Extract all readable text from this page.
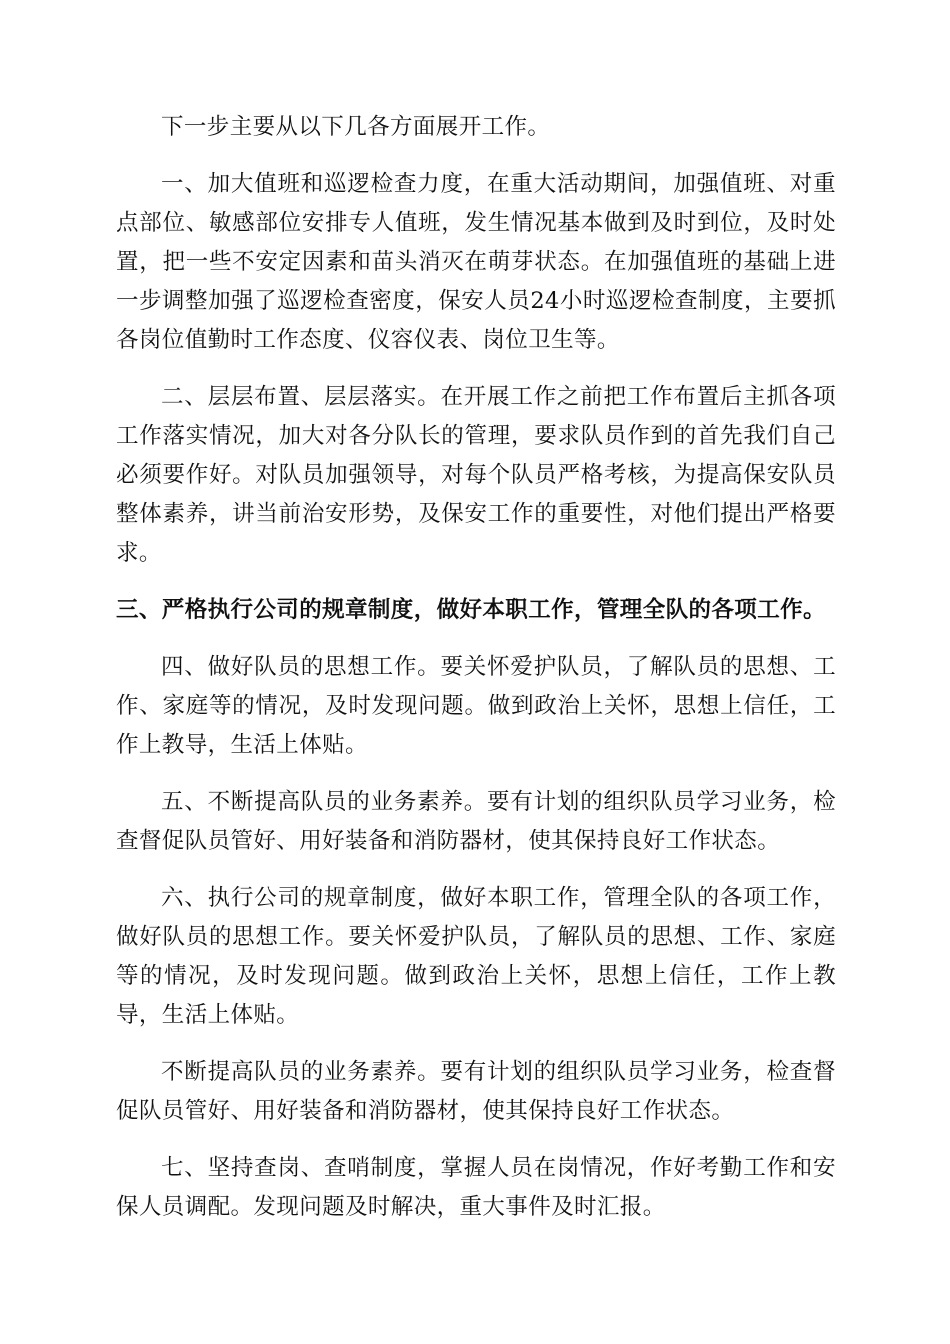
下一步主要从以下几各方面展开工作。

一、加大值班和巡逻检查力度，在重大活动期间，加强值班、对重点部位、敏感部位安排专人值班，发生情况基本做到及时到位，及时处置，把一些不安定因素和苗头消灭在萌芽状态。在加强值班的基础上进一步调整加强了巡逻检查密度，保安人员24小时巡逻检查制度，主要抓各岗位值勤时工作态度、仪容仪表、岗位卫生等。

二、层层布置、层层落实。在开展工作之前把工作布置后主抓各项工作落实情况，加大对各分队长的管理，要求队员作到的首先我们自己必须要作好。对队员加强领导，对每个队员严格考核，为提高保安队员整体素养，讲当前治安形势，及保安工作的重要性，对他们提出严格要求。

三、严格执行公司的规章制度，做好本职工作，管理全队的各项工作。

四、做好队员的思想工作。要关怀爱护队员，了解队员的思想、工作、家庭等的情况，及时发现问题。做到政治上关怀，思想上信任，工作上教导，生活上体贴。

五、不断提高队员的业务素养。要有计划的组织队员学习业务，检查督促队员管好、用好装备和消防器材，使其保持良好工作状态。

六、执行公司的规章制度，做好本职工作，管理全队的各项工作，做好队员的思想工作。要关怀爱护队员，了解队员的思想、工作、家庭等的情况，及时发现问题。做到政治上关怀，思想上信任，工作上教导，生活上体贴。

不断提高队员的业务素养。要有计划的组织队员学习业务，检查督促队员管好、用好装备和消防器材，使其保持良好工作状态。

七、坚持查岗、查哨制度，掌握人员在岗情况，作好考勤工作和安保人员调配。发现问题及时解决，重大事件及时汇报。
